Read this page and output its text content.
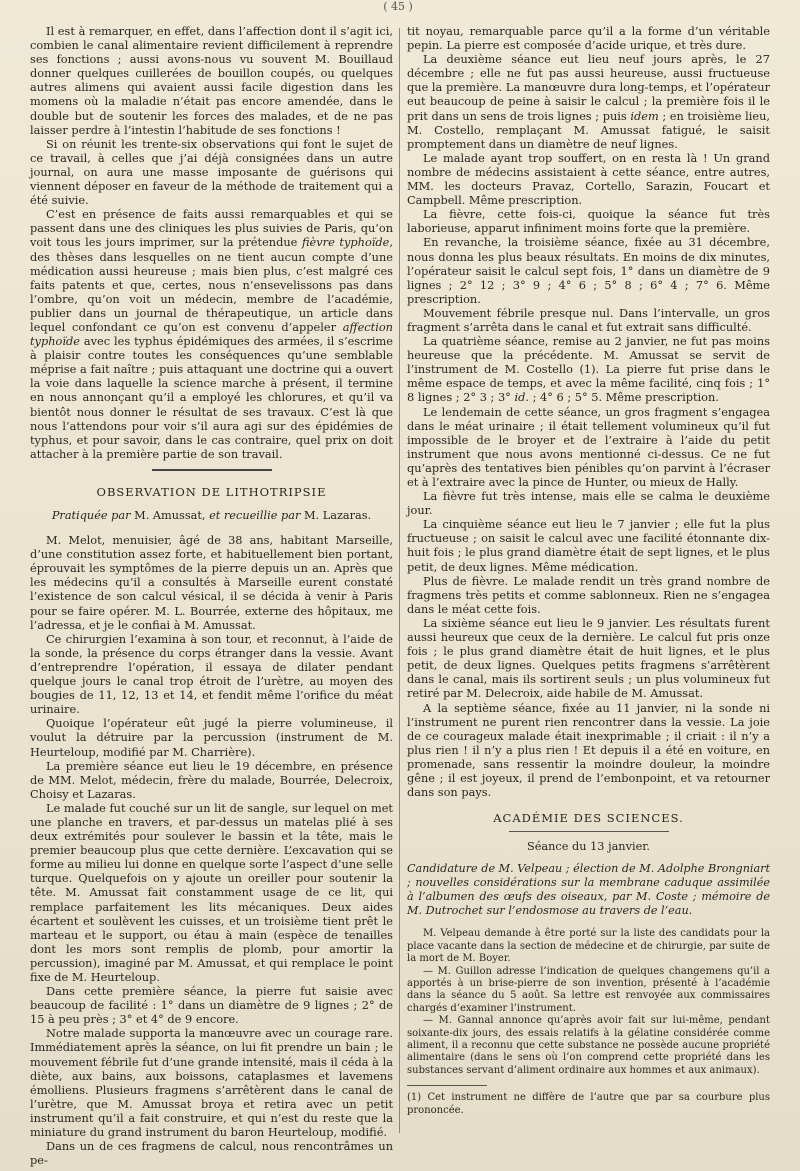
( 45 )

Il est à remarquer, en effet, dans l’affection dont il s’agit ici, combien le canal alimentaire revient difficilement à reprendre ses fonctions ; aussi avons-nous vu souvent M. Bouillaud donner quelques cuillerées de bouillon coupés, ou quelques autres alimens qui avaient aussi facile digestion dans les momens où la maladie n’était pas encore amendée, dans le double but de soutenir les forces des malades, et de ne pas laisser perdre à l’intestin l’habitude de ses fonctions !

Si on réunit les trente-six observations qui font le sujet de ce travail, à celles que j’ai déjà consignées dans un autre journal, on aura une masse imposante de guérisons qui viennent déposer en faveur de la méthode de traitement qui a été suivie.

C’est en présence de faits aussi remarquables et qui se passent dans une des cliniques les plus suivies de Paris, qu’on voit tous les jours imprimer, sur la prétendue fièvre typhoïde, des thèses dans lesquelles on ne tient aucun compte d’une médication aussi heureuse ; mais bien plus, c’est malgré ces faits patents et que, certes, nous n’ensevelissons pas dans l’ombre, qu’on voit un médecin, membre de l’académie, publier dans un journal de thérapeutique, un article dans lequel confondant ce qu’on est convenu d’appeler affection typhoïde avec les typhus épidémiques des armées, il s’escrime à plaisir contre toutes les conséquences qu’une semblable méprise a fait naître ; puis attaquant une doctrine qui a ouvert la voie dans laquelle la science marche à présent, il termine en nous annonçant qu’il a employé les chlorures, et qu’il va bientôt nous donner le résultat de ses travaux. C’est là que nous l’attendons pour voir s’il aura agi sur des épidémies de typhus, et pour savoir, dans le cas contraire, quel prix on doit attacher à la première partie de son travail.

OBSERVATION DE LITHOTRIPSIE
Pratiquée par M. Amussat, et recueillie par M. Lazaras.

M. Melot, menuisier, âgé de 38 ans, habitant Marseille, d’une constitution assez forte, et habituellement bien portant, éprouvait les symptômes de la pierre depuis un an. Après que les médecins qu’il a consultés à Marseille eurent constaté l’existence de son calcul vésical, il se décida à venir à Paris pour se faire opérer. M. L. Bourrée, externe des hôpitaux, me l’adressa, et je le confiai à M. Amussat.

Ce chirurgien l’examina à son tour, et reconnut, à l’aide de la sonde, la présence du corps étranger dans la vessie. Avant d’entreprendre l’opération, il essaya de dilater pendant quelque jours le canal trop étroit de l’urètre, au moyen des bougies de 11, 12, 13 et 14, et fendit même l’orifice du méat urinaire.

Quoique l’opérateur eût jugé la pierre volumineuse, il voulut la détruire par la percussion (instrument de M. Heurteloup, modifié par M. Charrière).

La première séance eut lieu le 19 décembre, en présence de MM. Melot, médecin, frère du malade, Bourrée, Delecroix, Choisy et Lazaras.

Le malade fut couché sur un lit de sangle, sur lequel on met une planche en travers, et par-dessus un matelas plié à ses deux extrémités pour soulever le bassin et la tête, mais le premier beaucoup plus que cette dernière. L’excavation qui se forme au milieu lui donne en quelque sorte l’aspect d’une selle turque. Quelquefois on y ajoute un oreiller pour soutenir la tête. M. Amussat fait constamment usage de ce lit, qui remplace parfaitement les lits mécaniques. Deux aides écartent et soulèvent les cuisses, et un troisième tient prêt le marteau et le support, ou étau à main (espèce de tenailles dont les mors sont remplis de plomb, pour amortir la percussion), imaginé par M. Amussat, et qui remplace le point fixe de M. Heurteloup.

Dans cette première séance, la pierre fut saisie avec beaucoup de facilité : 1° dans un diamètre de 9 lignes ; 2° de 15 à peu près ; 3° et 4° de 9 encore.

Notre malade supporta la manœuvre avec un courage rare. Immédiatement après la séance, on lui fit prendre un bain ; le mouvement fébrile fut d’une grande intensité, mais il céda à la diète, aux bains, aux boissons, cataplasmes et lavemens émolliens. Plusieurs fragmens s’arrêtèrent dans le canal de l’urètre, que M. Amussat broya et retira avec un petit instrument qu’il a fait construire, et qui n’est du reste que la miniature du grand instrument du baron Heurteloup, modifié.

Dans un de ces fragmens de calcul, nous rencontrâmes un pe-

tit noyau, remarquable parce qu’il a la forme d’un véritable pepin. La pierre est composée d’acide urique, et très dure.

La deuxième séance eut lieu neuf jours après, le 27 décembre ; elle ne fut pas aussi heureuse, aussi fructueuse que la première. La manœuvre dura long-temps, et l’opérateur eut beaucoup de peine à saisir le calcul ; la première fois il le prit dans un sens de trois lignes ; puis idem ; en troisième lieu, M. Costello, remplaçant M. Amussat fatigué, le saisit promptement dans un diamètre de neuf lignes.

Le malade ayant trop souffert, on en resta là ! Un grand nombre de médecins assistaient à cette séance, entre autres, MM. les docteurs Pravaz, Cortello, Sarazin, Foucart et Campbell. Même prescription.

La fièvre, cette fois-ci, quoique la séance fut très laborieuse, apparut infiniment moins forte que la première.

En revanche, la troisième séance, fixée au 31 décembre, nous donna les plus beaux résultats. En moins de dix minutes, l’opérateur saisit le calcul sept fois, 1° dans un diamètre de 9 lignes ; 2° 12 ; 3° 9 ; 4° 6 ; 5° 8 ; 6° 4 ; 7° 6. Même prescription.

Mouvement fébrile presque nul. Dans l’intervalle, un gros fragment s’arrêta dans le canal et fut extrait sans difficulté.

La quatrième séance, remise au 2 janvier, ne fut pas moins heureuse que la précédente. M. Amussat se servit de l’instrument de M. Costello (1). La pierre fut prise dans le même espace de temps, et avec la même facilité, cinq fois ; 1° 8 lignes ; 2° 3 ; 3° id. ; 4° 6 ; 5° 5. Même prescription.

Le lendemain de cette séance, un gros fragment s’engagea dans le méat urinaire ; il était tellement volumineux qu’il fut impossible de le broyer et de l’extraire à l’aide du petit instrument que nous avons mentionné ci-dessus. Ce ne fut qu’après des tentatives bien pénibles qu’on parvint à l’écraser et à l’extraire avec la pince de Hunter, ou mieux de Hally.

La fièvre fut très intense, mais elle se calma le deuxième jour.

La cinquième séance eut lieu le 7 janvier ; elle fut la plus fructueuse ; on saisit le calcul avec une facilité étonnante dix-huit fois ; le plus grand diamètre était de sept lignes, et le plus petit, de deux lignes. Même médication.

Plus de fièvre. Le malade rendit un très grand nombre de fragmens très petits et comme sablonneux. Rien ne s’engagea dans le méat cette fois.

La sixième séance eut lieu le 9 janvier. Les résultats furent aussi heureux que ceux de la dernière. Le calcul fut pris onze fois ; le plus grand diamètre était de huit lignes, et le plus petit, de deux lignes. Quelques petits fragmens s’arrêtèrent dans le canal, mais ils sortirent seuls ; un plus volumineux fut retiré par M. Delecroix, aide habile de M. Amussat.

A la septième séance, fixée au 11 janvier, ni la sonde ni l’instrument ne purent rien rencontrer dans la vessie. La joie de ce courageux malade était inexprimable ; il criait : il n’y a plus rien ! il n’y a plus rien ! Et depuis il a été en voiture, en promenade, sans ressentir la moindre douleur, la moindre gêne ; il est joyeux, il prend de l’embonpoint, et va retourner dans son pays.

ACADÉMIE DES SCIENCES.
Séance du 13 janvier.
Candidature de M. Velpeau ; élection de M. Adolphe Brongniart ; nouvelles considérations sur la membrane caduque assimilée à l’albumen des œufs des oiseaux, par M. Coste ; mémoire de M. Dutrochet sur l’endosmose au travers de l’eau.

M. Velpeau demande à être porté sur la liste des candidats pour la place vacante dans la section de médecine et de chirurgie, par suite de la mort de M. Boyer.

— M. Guillon adresse l’indication de quelques changemens qu’il a apportés à un brise-pierre de son invention, présenté à l’académie dans la séance du 5 août. Sa lettre est renvoyée aux commissaires chargés d’examiner l’instrument.

— M. Gannal annonce qu’après avoir fait sur lui-même, pendant soixante-dix jours, des essais relatifs à la gélatine considérée comme aliment, il a reconnu que cette substance ne possède aucune propriété alimentaire (dans le sens où l’on comprend cette propriété dans les substances servant d’aliment ordinaire aux hommes et aux animaux).

(1) Cet instrument ne diffère de l’autre que par sa courbure plus prononcée.
